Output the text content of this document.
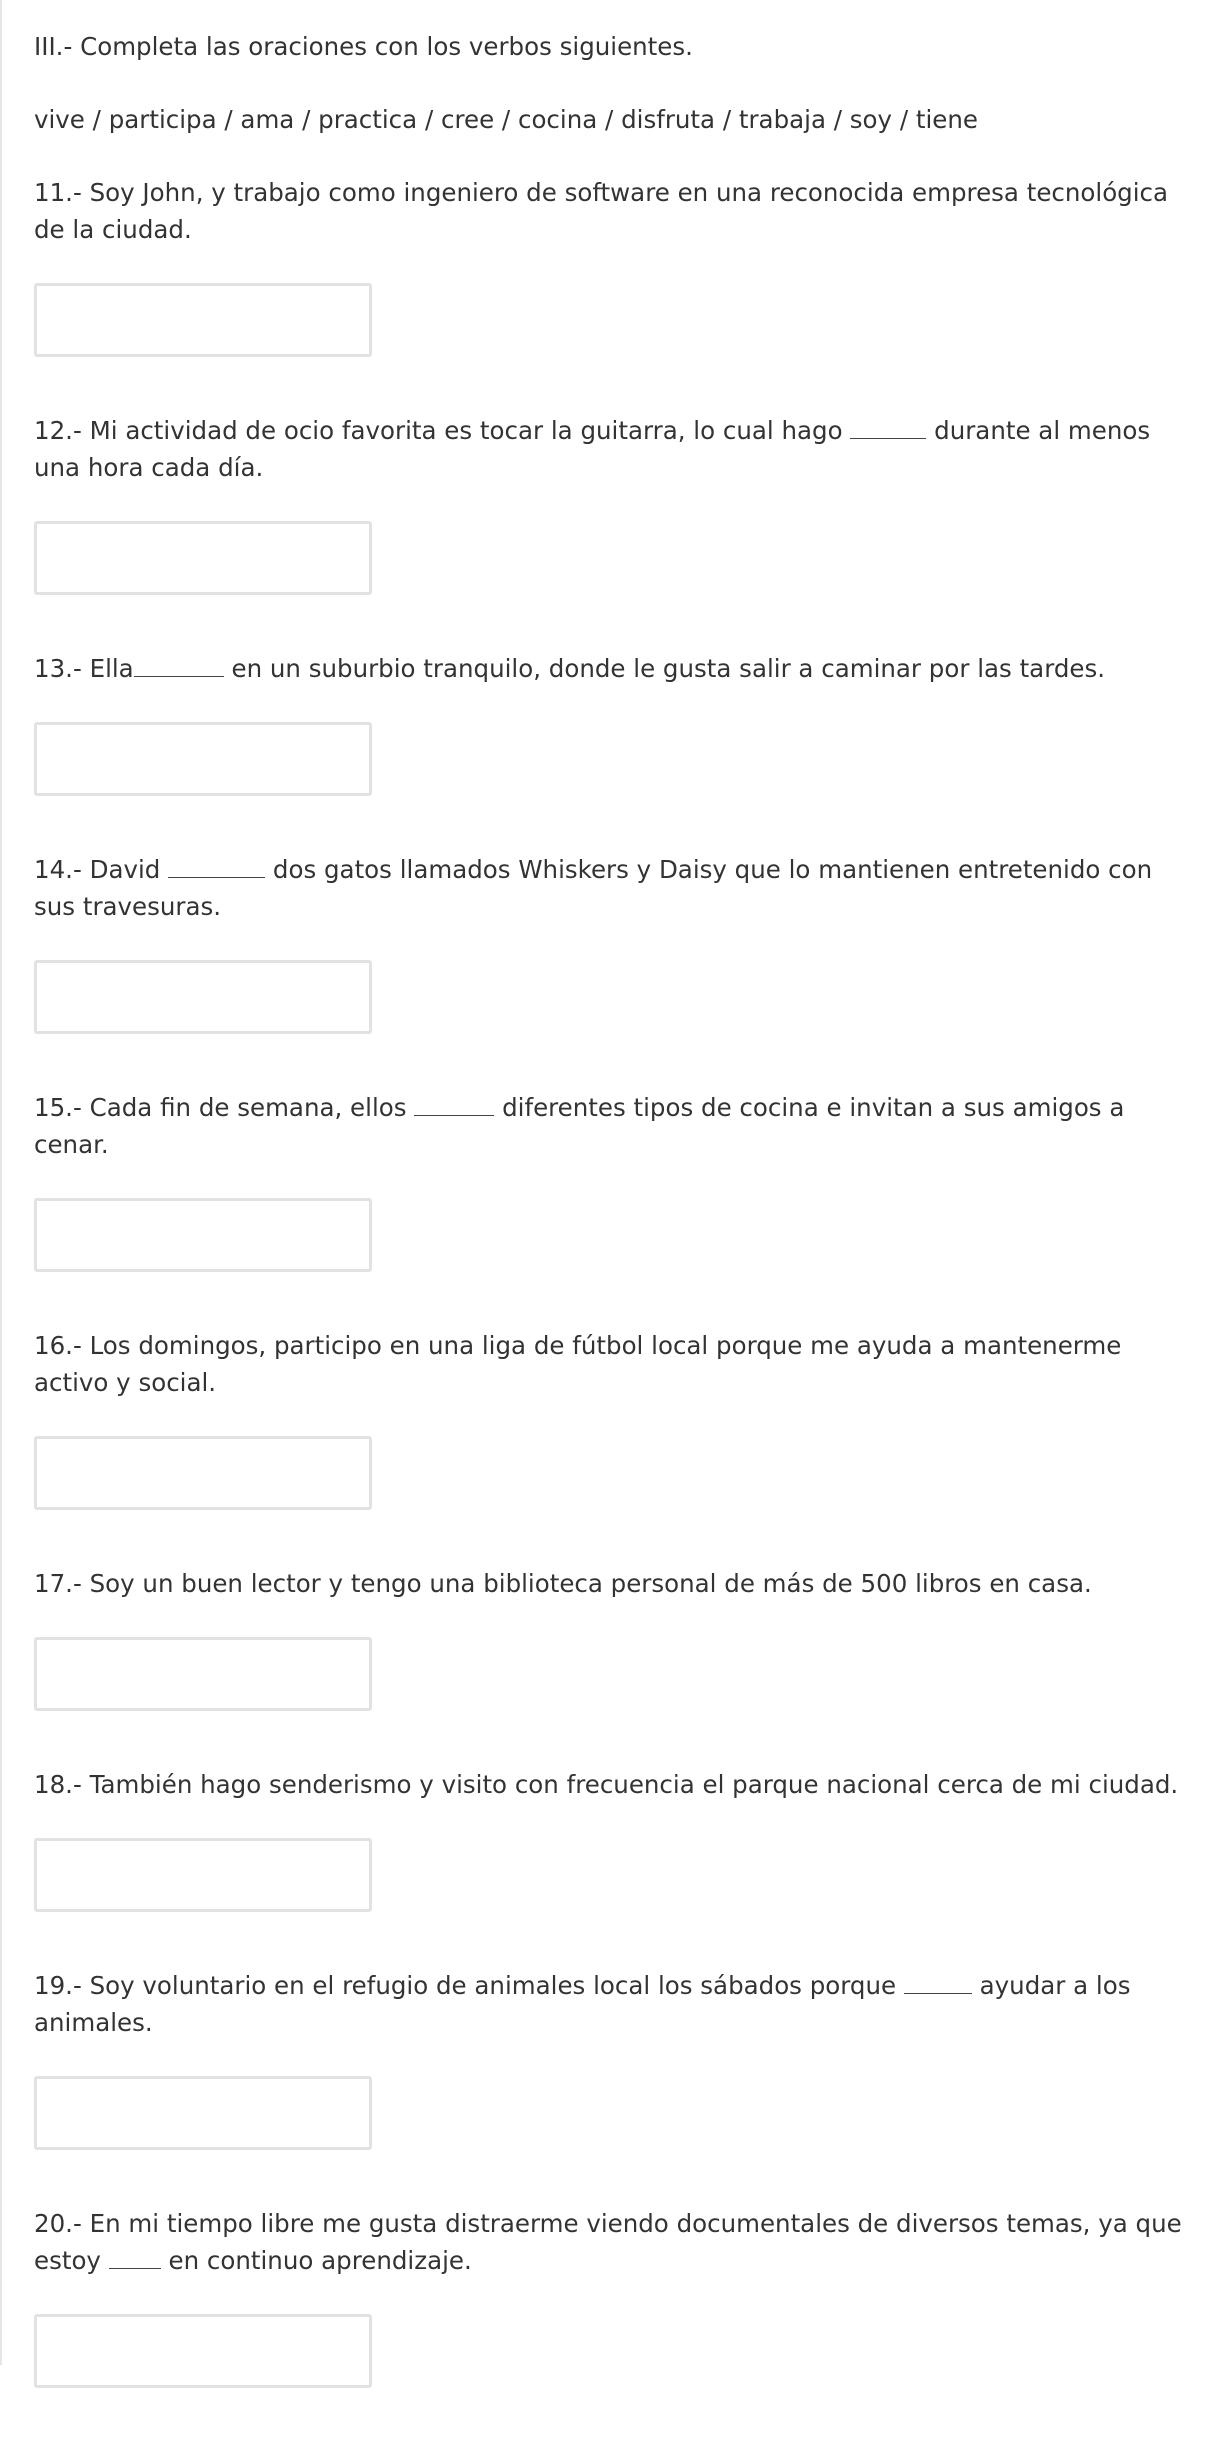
III.- Completa las oraciones con los verbos siguientes.

vive / participa / ama / practica / cree / cocina / disfruta / trabaja / soy / tiene

11.- Soy John, y trabajo como ingeniero de software en una reconocida empresa tecnológica de la ciudad.

12.- Mi actividad de ocio favorita es tocar la guitarra, lo cual hago	durante al menos una hora cada día.

13.- Ella	en un suburbio tranquilo, donde le gusta salir a caminar por las tardes.

14.- David	dos gatos llamados Whiskers y Daisy que lo mantienen entretenido con sus travesuras.

15.- Cada fin de semana, ellos	diferentes tipos de cocina e invitan a sus amigos a cenar.

16.- Los domingos, participo en una liga de fútbol local porque me ayuda a mantenerme activo y social.

17.- Soy un buen lector y tengo una biblioteca personal de más de 500 libros en casa.

18.- También hago senderismo y visito con frecuencia el parque nacional cerca de mi ciudad.

19.- Soy voluntario en el refugio de animales local los sábados porque	ayudar a los animales.

20.- En mi tiempo libre me gusta distraerme viendo documentales de diversos temas, ya que estoy  en continuo aprendizaje.
